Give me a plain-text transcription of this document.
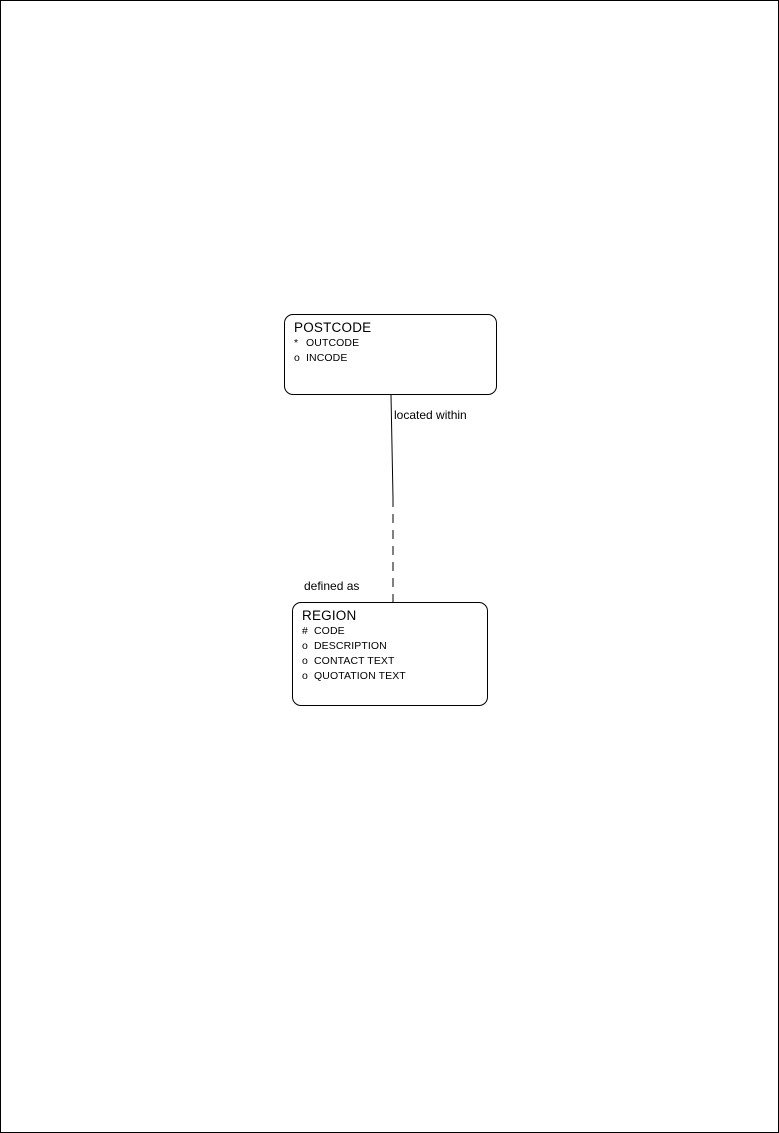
POSTCODE
* OUTCODE
o INCODE
REGION
# CODE
o DESCRIPTION
o CONTACT TEXT
o QUOTATION TEXT
located within
defined as
